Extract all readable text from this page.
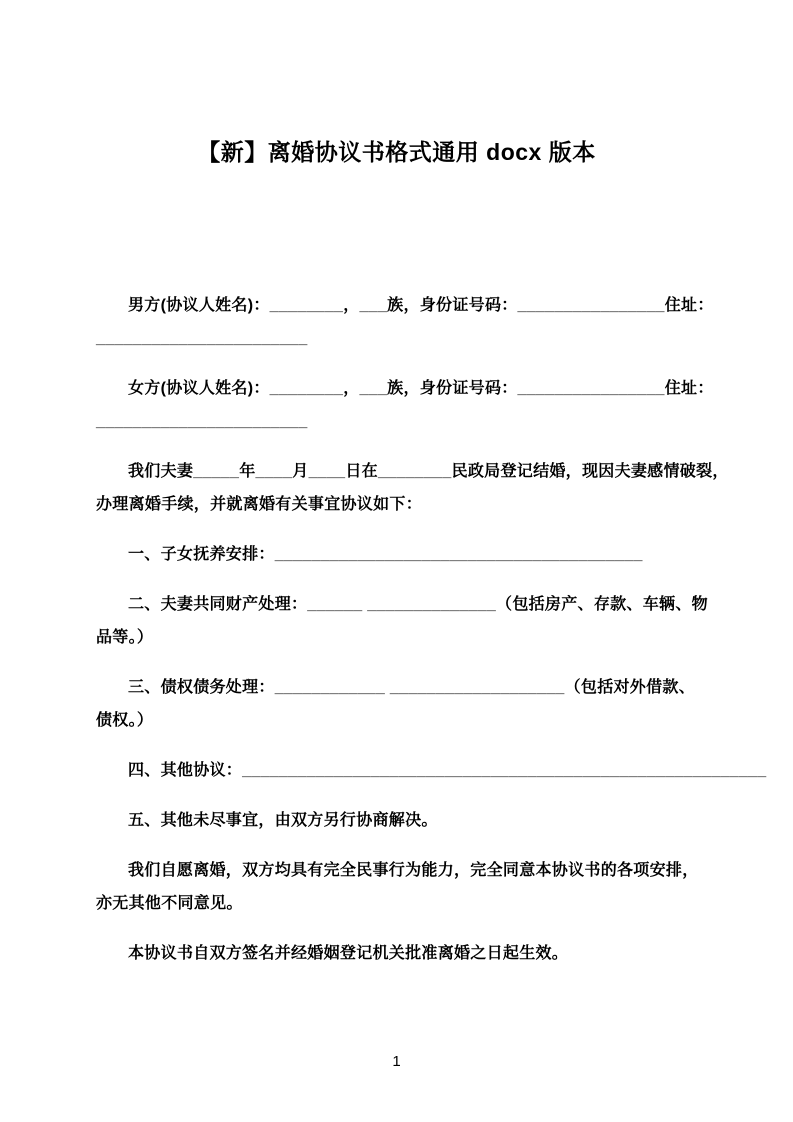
【新】离婚协议书格式通用 docx 版本
男方(协议人姓名)：________，___族，身份证号码：________________住址：
_______________________
女方(协议人姓名)：________，___族，身份证号码：________________住址：
_______________________
我们夫妻_____年____月____日在________民政局登记结婚，现因夫妻感情破裂，
办理离婚手续，并就离婚有关事宜协议如下：
一、子女抚养安排：________________________________________
二、夫妻共同财产处理：______ ______________（包括房产、存款、车辆、物
品等。）
三、债权债务处理：____________ ___________________（包括对外借款、
债权。）
四、其他协议：_________________________________________________________
五、其他未尽事宜，由双方另行协商解决。
我们自愿离婚，双方均具有完全民事行为能力，完全同意本协议书的各项安排，
亦无其他不同意见。
本协议书自双方签名并经婚姻登记机关批准离婚之日起生效。
1
